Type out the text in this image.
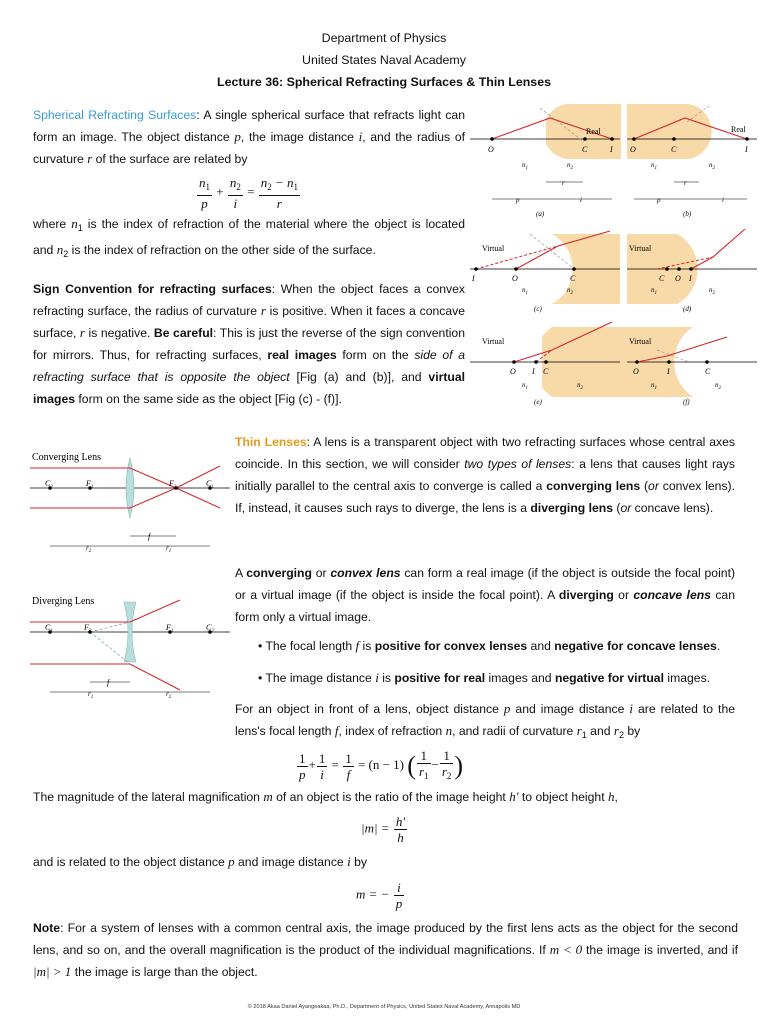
Department of Physics
United States Naval Academy
Lecture 36: Spherical Refracting Surfaces & Thin Lenses
Spherical Refracting Surfaces: A single spherical surface that refracts light can form an image. The object distance p, the image distance i, and the radius of curvature r of the surface are related by
$\frac{n_1}{p} + \frac{n_2}{i} = \frac{n_2 - n_1}{r}$
where $n_1$ is the index of refraction of the material where the object is located and $n_2$ is the index of refraction on the other side of the surface.
Sign Convention for refracting surfaces: When the object faces a convex refracting surface, the radius of curvature r is positive. When it faces a concave surface, r is negative. Be careful: This is just the reverse of the sign convention for mirrors. Thus, for refracting surfaces, real images form on the side of a refracting surface that is opposite the object [Fig (a) and (b)], and virtual images form on the same side as the object [Fig (c) - (f)].
O	C	I
Real
$n_1$	$n_2$
r
p	i
(a)
O	C	I
Real
$n_1$	$n_2$
r
p	i
(b)
Virtual
I	O	C
$n_1$	$n_2$
(c)
Virtual
C O I
$n_1$	$n_2$
(d)
Virtual
O I C
$n_1$	$n_2$
(e)
Virtual
O	I	C
$n_1$	$n_2$
(f)
Converging Lens
$C_2$	$F_1$	$F_2$	$C_1$
f
$r_2$	$r_1$
Diverging Lens
$C_1$	$F_2$	$F_1$	$C_2$
f
$r_1$	$r_2$
Thin Lenses: A lens is a transparent object with two refracting surfaces whose central axes coincide. In this section, we will consider two types of lenses: a lens that causes light rays initially parallel to the central axis to converge is called a converging lens (or convex lens). If, instead, it causes such rays to diverge, the lens is a diverging lens (or concave lens).
A converging or convex lens can form a real image (if the object is outside the focal point) or a virtual image (if the object is inside the focal point). A diverging or concave lens can form only a virtual image.
• The focal length f is positive for convex lenses and negative for concave lenses.
• The image distance i is positive for real images and negative for virtual images.
For an object in front of a lens, object distance p and image distance i are related to the lens's focal length f, index of refraction n, and radii of curvature $r_1$ and $r_2$ by
$\frac{1}{p} + \frac{1}{i} = \frac{1}{f} = (n - 1)$ ( $\frac{1}{r_1} - \frac{1}{r_2}$ )
The magnitude of the lateral magnification m of an object is the ratio of the image height h′ to object height h,
$|m| = \frac{h'}{h}$
and is related to the object distance p and image distance i by
m = − $\frac{i}{p}$
Note: For a system of lenses with a common central axis, the image produced by the first lens acts as the object for the second lens, and so on, and the overall magnification is the product of the individual magnifications. If m < 0 the image is inverted, and if |m| > 1 the image is large than the object.
© 2018 Akaa Daniel Ayangeakaa, Ph.D., Department of Physics, United States Naval Academy, Annapolis MD
